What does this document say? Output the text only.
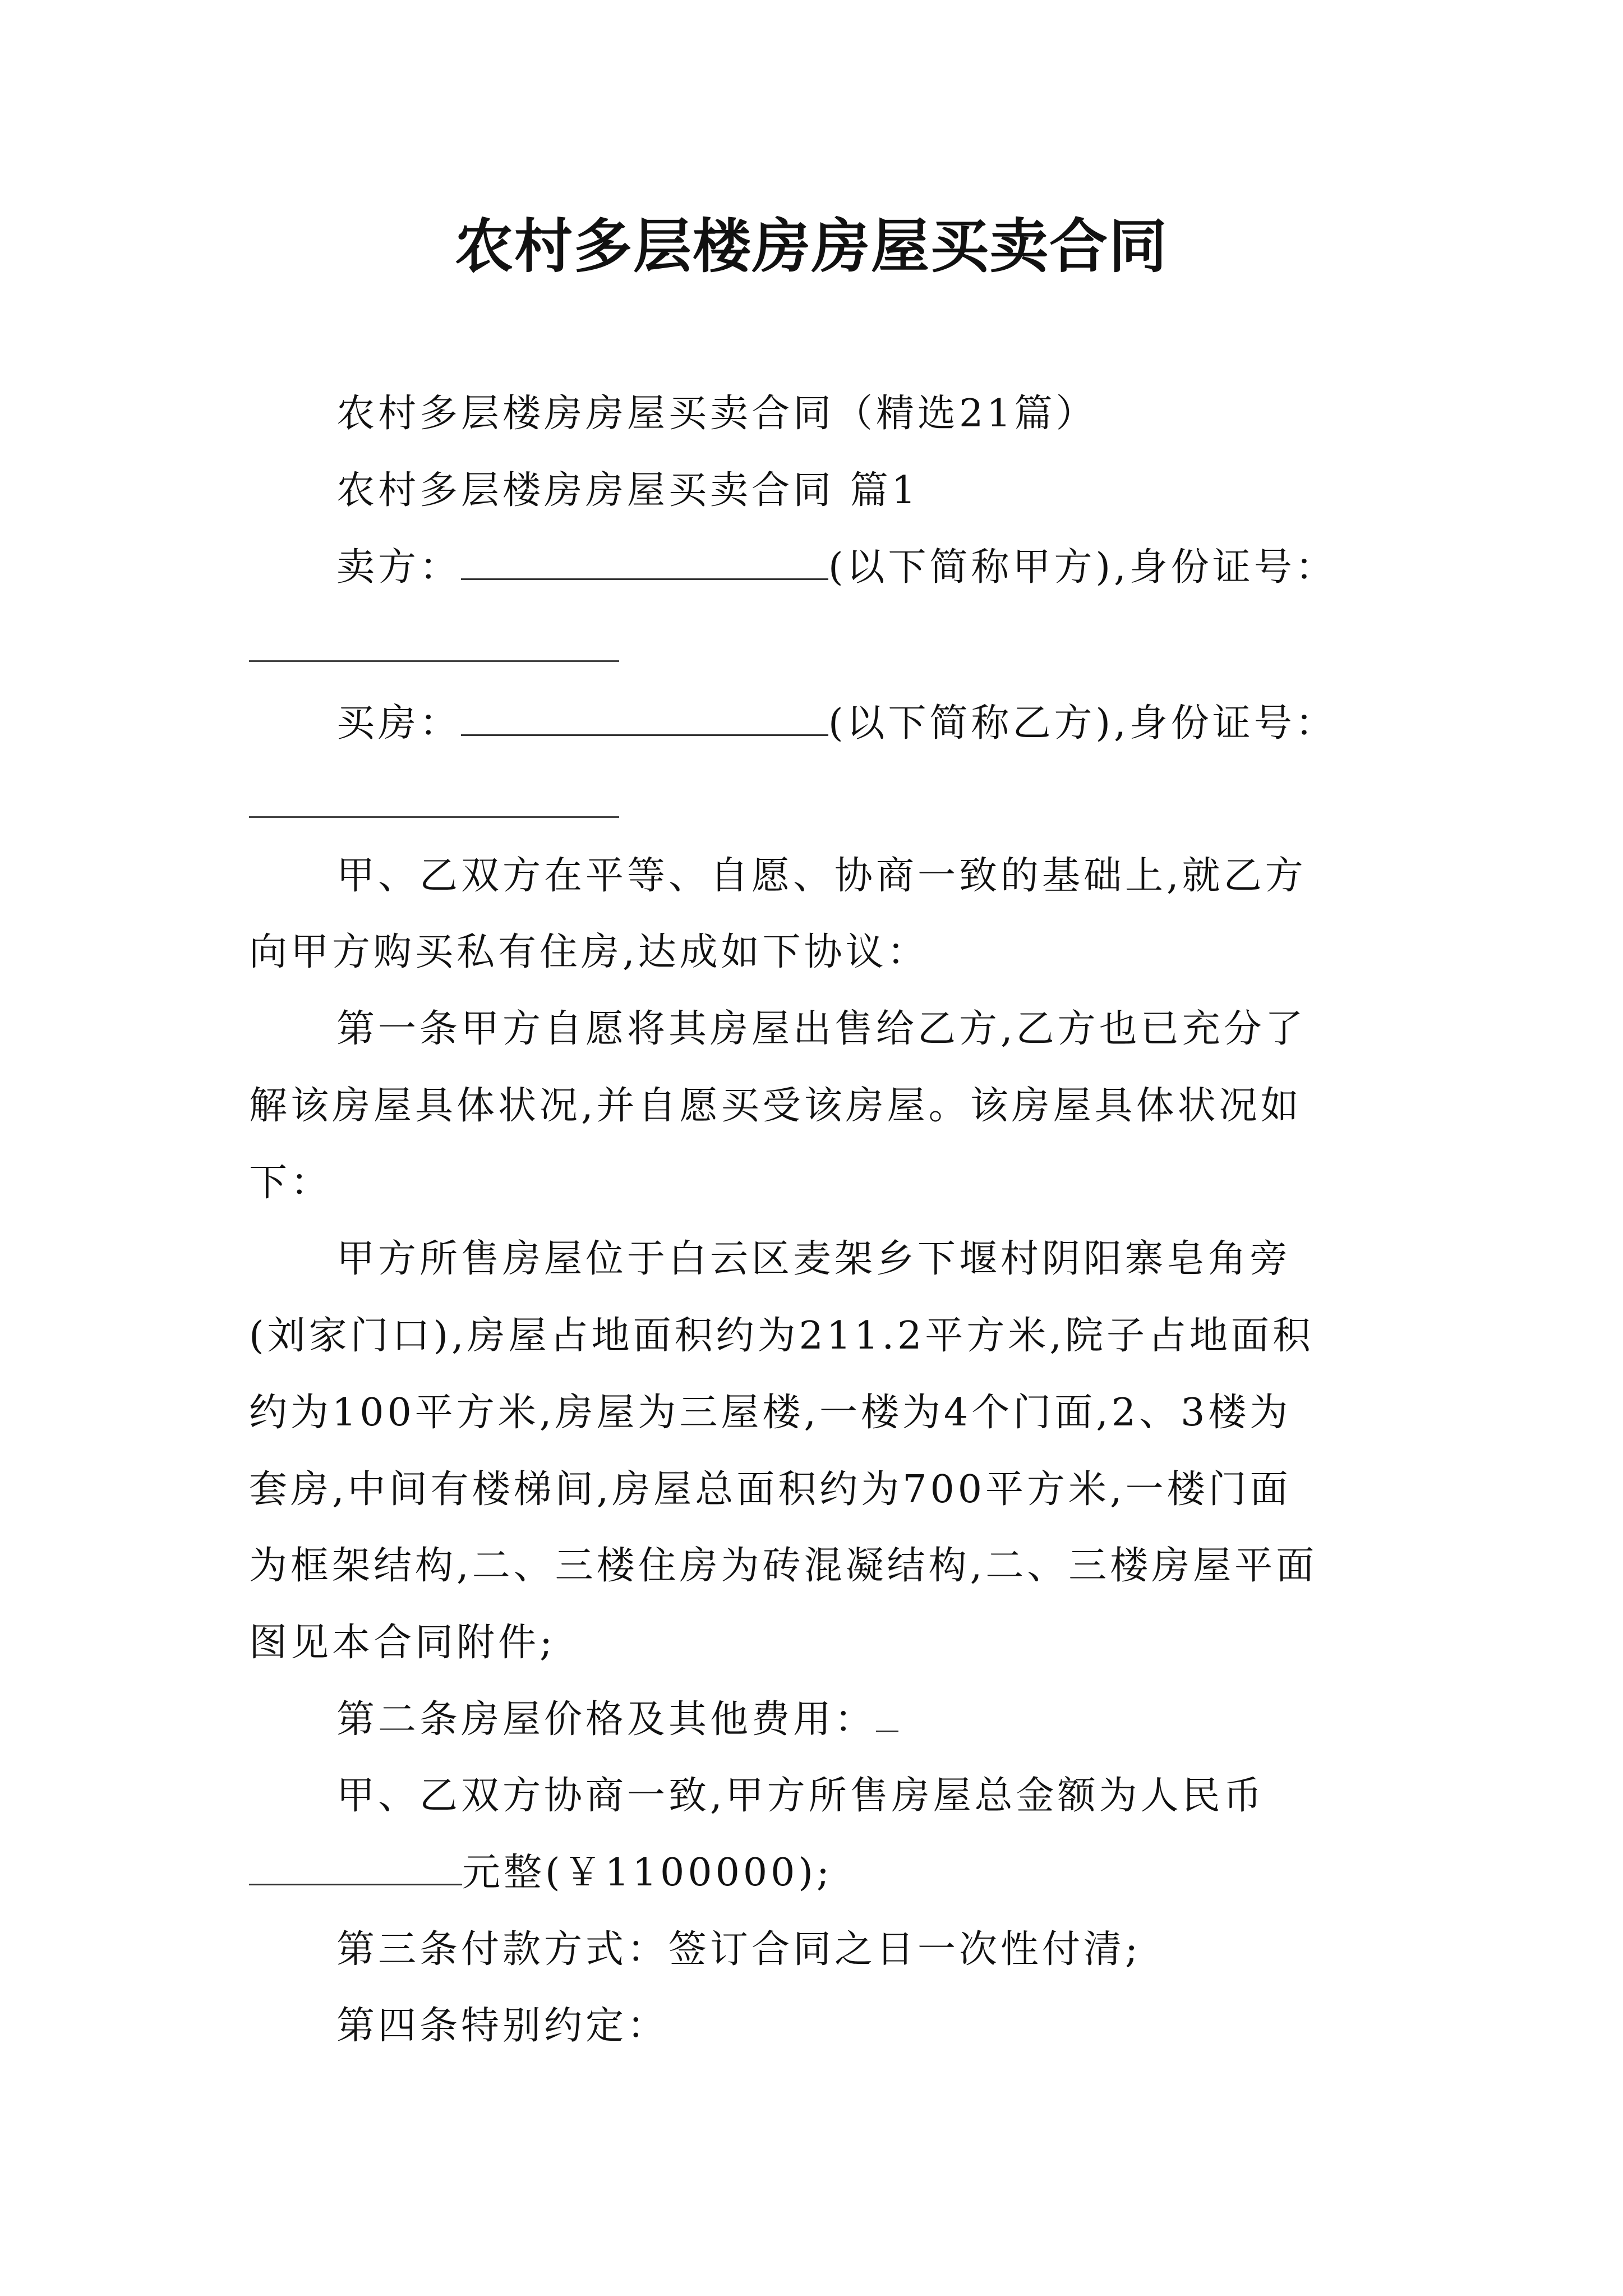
农村多层楼房房屋买卖合同
农村多层楼房房屋买卖合同（精选21篇）
农村多层楼房房屋买卖合同 篇1
卖方：	(以下简称甲方),身份证号：
买房：	(以下简称乙方),身份证号：
甲、乙双方在平等、自愿、协商一致的基础上,就乙方
向甲方购买私有住房,达成如下协议：
第一条甲方自愿将其房屋出售给乙方,乙方也已充分了
解该房屋具体状况,并自愿买受该房屋。该房屋具体状况如
下：
甲方所售房屋位于白云区麦架乡下堰村阴阳寨皂角旁
(刘家门口),房屋占地面积约为211.2平方米,院子占地面积
约为100平方米,房屋为三屋楼,一楼为4个门面,2、3楼为
套房,中间有楼梯间,房屋总面积约为700平方米,一楼门面
为框架结构,二、三楼住房为砖混凝结构,二、三楼房屋平面
图见本合同附件;
第二条房屋价格及其他费用：
甲、乙双方协商一致,甲方所售房屋总金额为人民币
元整(￥1100000);
第三条付款方式：签订合同之日一次性付清;
第四条特别约定：
